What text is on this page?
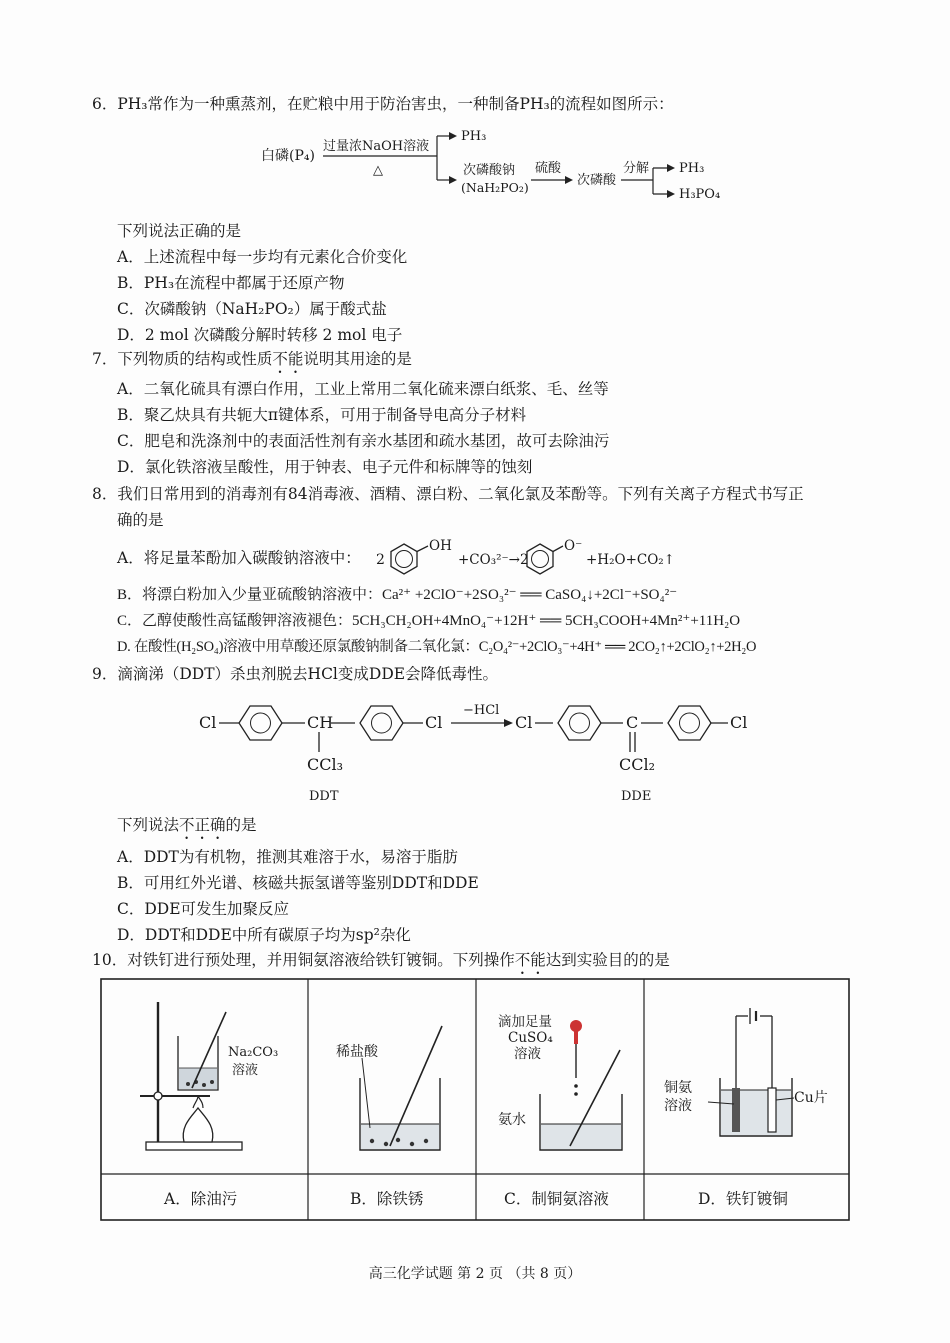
6．PH₃常作为一种熏蒸剂，在贮粮中用于防治害虫，一种制备PH₃的流程如图所示：
白磷(P₄)
过量浓NaOH溶液
△
PH₃
次磷酸钠
(NaH₂PO₂)
硫酸
次磷酸
分解 PH₃
H₃PO₄
下列说法正确的是
A．上述流程中每一步均有元素化合价变化
B．PH₃在流程中都属于还原产物
C．次磷酸钠（NaH₂PO₂）属于酸式盐
D．2 mol 次磷酸分解时转移 2 mol 电子
7．下列物质的结构或性质不能说明其用途的是
A．二氧化硫具有漂白作用，工业上常用二氧化硫来漂白纸浆、毛、丝等
B．聚乙炔具有共轭大π键体系，可用于制备导电高分子材料
C．肥皂和洗涤剂中的表面活性剂有亲水基团和疏水基团，故可去除油污
D．氯化铁溶液呈酸性，用于钟表、电子元件和标牌等的蚀刻
8．我们日常用到的消毒剂有84消毒液、酒精、漂白粉、二氧化氯及苯酚等。下列有关离子方程式书写正
确的是
A．将足量苯酚加入碳酸钠溶液中： 2
OH
+CO₃²⁻→2
O⁻
+H₂O+CO₂↑
B．将漂白粉加入少量亚硫酸钠溶液中：Ca²⁺ +2ClO⁻+2SO₃²⁻ ══ CaSO₄↓+2Cl⁻+SO₄²⁻
C．乙醇使酸性高锰酸钾溶液褪色：5CH₃CH₂OH+4MnO₄⁻+12H⁺ ══ 5CH₃COOH+4Mn²⁺+11H₂O
D. 在酸性(H₂SO₄)溶液中用草酸还原氯酸钠制备二氧化氯：C₂O₄²⁻+2ClO₃⁻+4H⁺ ══ 2CO₂↑+2ClO₂↑+2H₂O
9．滴滴涕（DDT）杀虫剂脱去HCl变成DDE会降低毒性。
Cl	CH	Cl
CCl₃
DDT
−HCl
Cl	C	Cl
CCl₂
DDE
下列说法不正确的是
A．DDT为有机物，推测其难溶于水，易溶于脂肪
B．可用红外光谱、核磁共振氢谱等鉴别DDT和DDE
C．DDE可发生加聚反应
D．DDT和DDE中所有碳原子均为sp²杂化
10．对铁钉进行预处理，并用铜氨溶液给铁钉镀铜。下列操作不能达到实验目的的是
Na₂CO₃
溶液
A．除油污
稀盐酸
B．除铁锈
滴加足量
CuSO₄
溶液
氨水
C．制铜氨溶液
铜氨
溶液	Cu片
D．铁钉镀铜
高三化学试题 第 2 页 （共 8 页）
